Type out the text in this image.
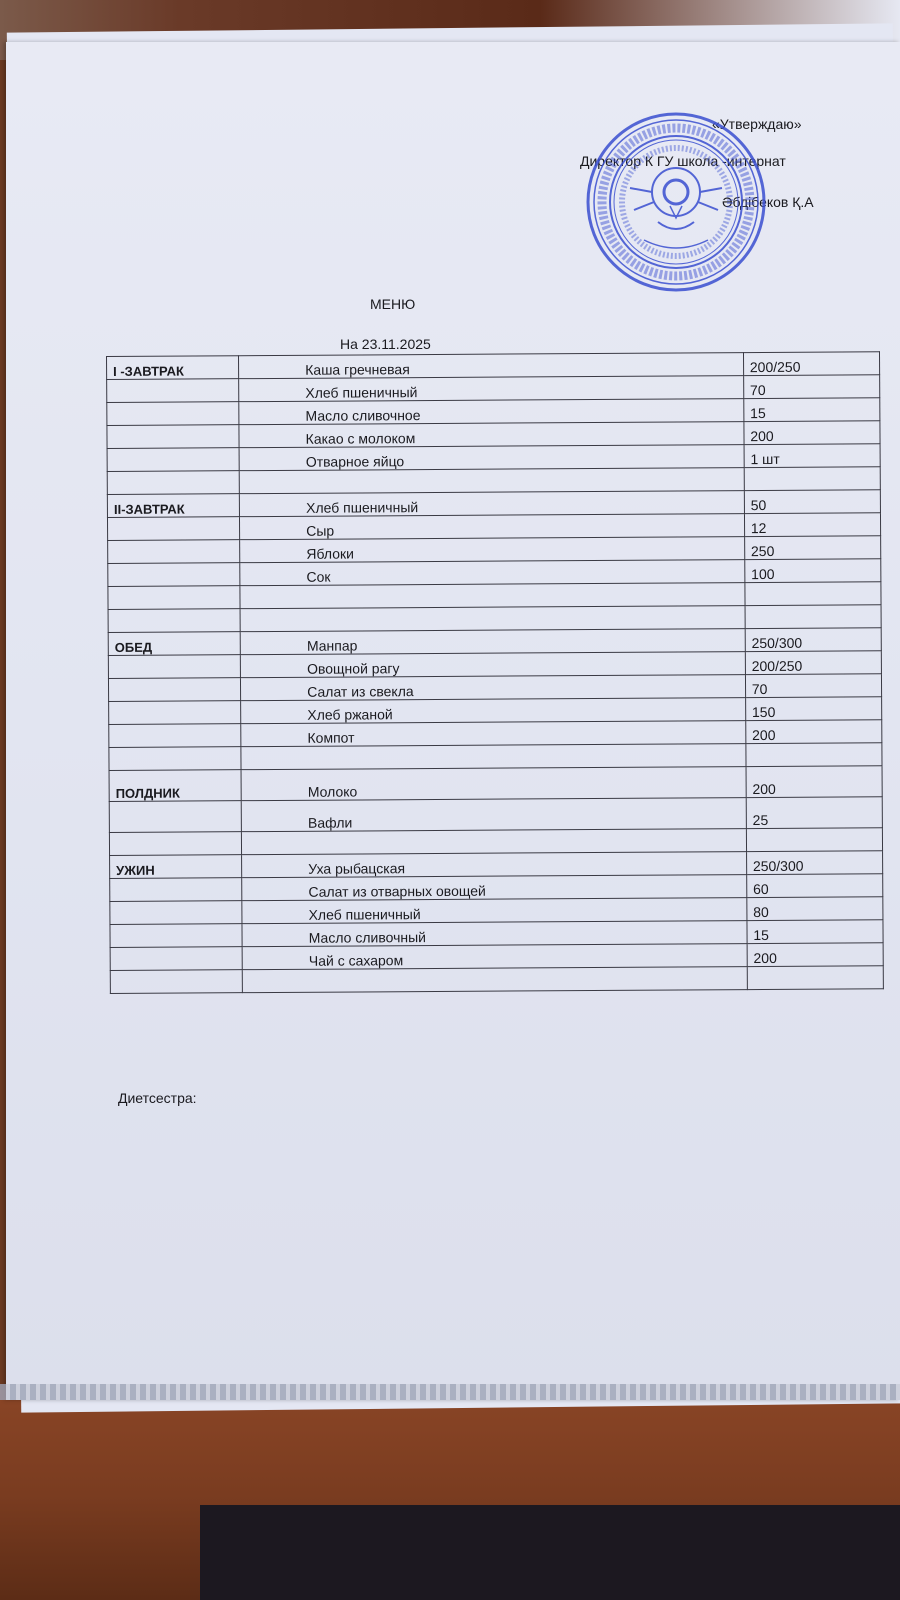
«Утверждаю»
Директор К ГУ школа -интернат
Әбдібеков Қ.А
МЕНЮ
На 23.11.2025
I -ЗАВТРАК	Каша гречневая	200/250
	Хлеб пшеничный	70
	Масло сливочное	15
	Какао с молоком	200
	Отварное яйцо	1 шт

II-ЗАВТРАК	Хлеб пшеничный	50
	Сыр	12
	Яблоки	250
	Сок	100

ОБЕД	Манпар	250/300
	Овощной рагу	200/250
	Салат из свекла	70
	Хлеб ржаной	150
	Компот	200

ПОЛДНИК	Молоко	200
	Вафли	25

УЖИН	Уха рыбацская	250/300
	Салат из отварных овощей	60
	Хлеб пшеничный	80
	Масло сливочный	15
	Чай с сахаром	200

Диетсестра:
